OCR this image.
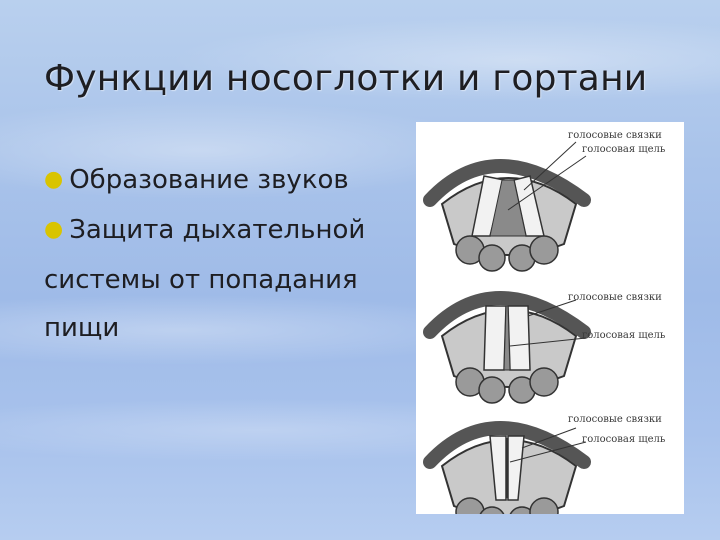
Функции носоглотки и гортани
● Образование звуков
● Защита дыхательной
системы от попадания
пищи
голосовые связки
голосовая щель
голосовые связки
голосовая щель
голосовые связки
голосовая щель
